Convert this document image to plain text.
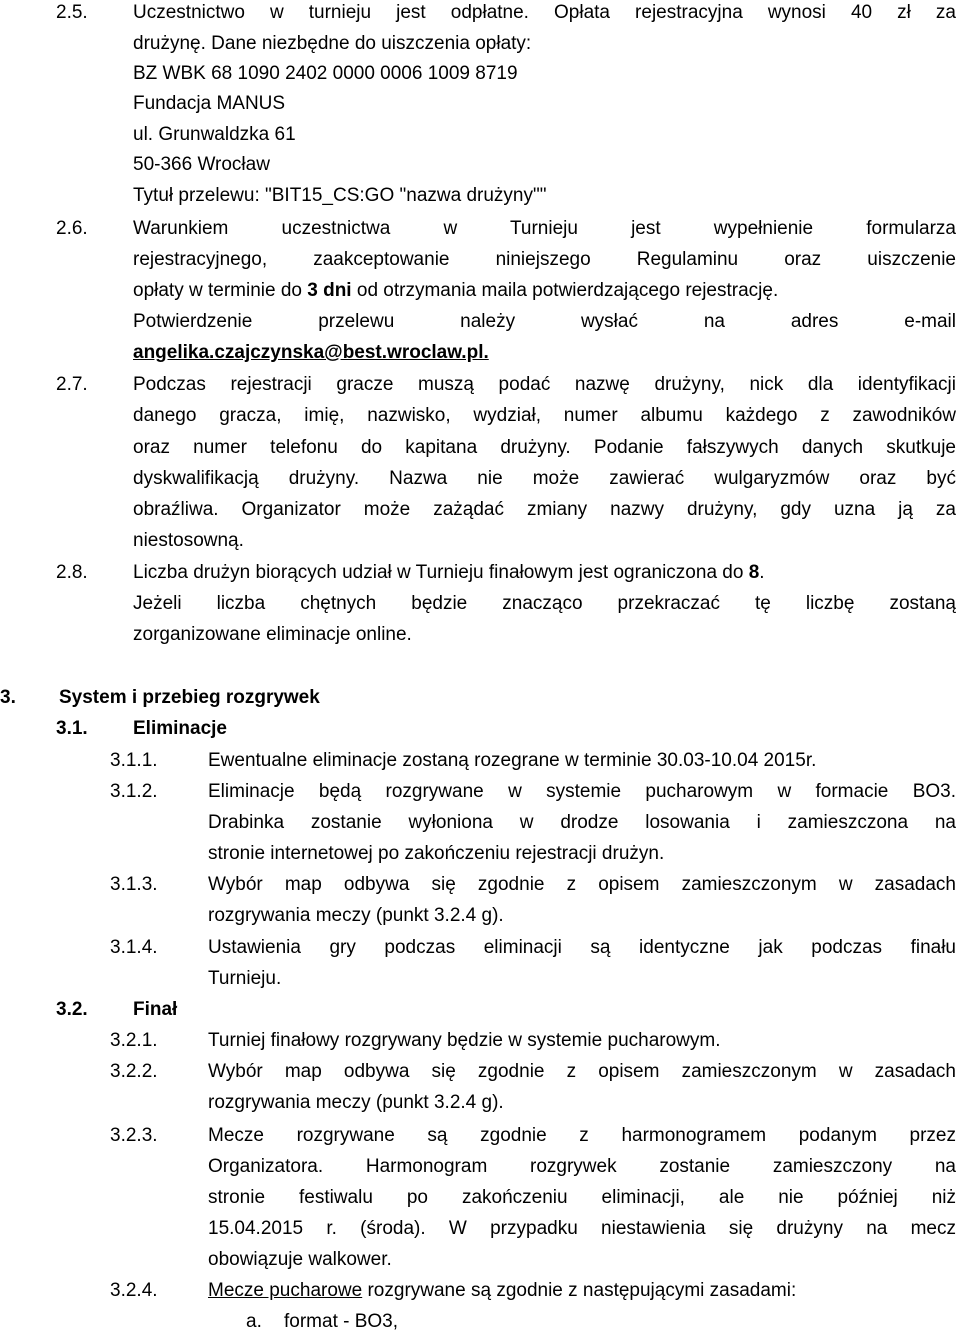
2.5. Uczestnictwo w turnieju jest odpłatne. Opłata rejestracyjna wynosi 40 zł za
drużynę. Dane niezbędne do uiszczenia opłaty:
BZ WBK 68 1090 2402 0000 0006 1009 8719
Fundacja MANUS
ul. Grunwaldzka 61
50-366 Wrocław
Tytuł przelewu: "BIT15_CS:GO "nazwa drużyny""
2.6. Warunkiem uczestnictwa w Turnieju jest wypełnienie formularza
rejestracyjnego, zaakceptowanie niniejszego Regulaminu oraz uiszczenie
opłaty w terminie do 3 dni od otrzymania maila potwierdzającego rejestrację.
Potwierdzenie przelewu należy wysłać na adres e-mail
angelika.czajczynska@best.wroclaw.pl.
2.7. Podczas rejestracji gracze muszą podać nazwę drużyny, nick dla identyfikacji
danego gracza, imię, nazwisko, wydział, numer albumu każdego z zawodników
oraz numer telefonu do kapitana drużyny. Podanie fałszywych danych skutkuje
dyskwalifikacją drużyny. Nazwa nie może zawierać wulgaryzmów oraz być
obraźliwa. Organizator może zażądać zmiany nazwy drużyny, gdy uzna ją za
niestosowną.
2.8. Liczba drużyn biorących udział w Turnieju finałowym jest ograniczona do 8.
Jeżeli liczba chętnych będzie znacząco przekraczać tę liczbę zostaną
zorganizowane eliminacje online.
3. System i przebieg rozgrywek
3.1. Eliminacje
3.1.1.	Ewentualne eliminacje zostaną rozegrane w terminie 30.03-10.04 2015r.
3.1.2.	Eliminacje będą rozgrywane w systemie pucharowym w formacie BO3.
Drabinka zostanie wyłoniona w drodze losowania i zamieszczona na
stronie internetowej po zakończeniu rejestracji drużyn.
3.1.3.	Wybór map odbywa się zgodnie z opisem zamieszczonym w zasadach
rozgrywania meczy (punkt 3.2.4 g).
3.1.4.	Ustawienia gry podczas eliminacji są identyczne jak podczas finału
Turnieju.
3.2. Finał
3.2.1.	Turniej finałowy rozgrywany będzie w systemie pucharowym.
3.2.2.	Wybór map odbywa się zgodnie z opisem zamieszczonym w zasadach
rozgrywania meczy (punkt 3.2.4 g).
3.2.3.	Mecze rozgrywane są zgodnie z harmonogramem podanym przez
Organizatora. Harmonogram rozgrywek zostanie zamieszczony na
stronie festiwalu po zakończeniu eliminacji, ale nie później niż
15.04.2015 r. (środa). W przypadku niestawienia się drużyny na mecz
obowiązuje walkower.
3.2.4.	Mecze pucharowe rozgrywane są zgodnie z następującymi zasadami:
a. format - BO3,
